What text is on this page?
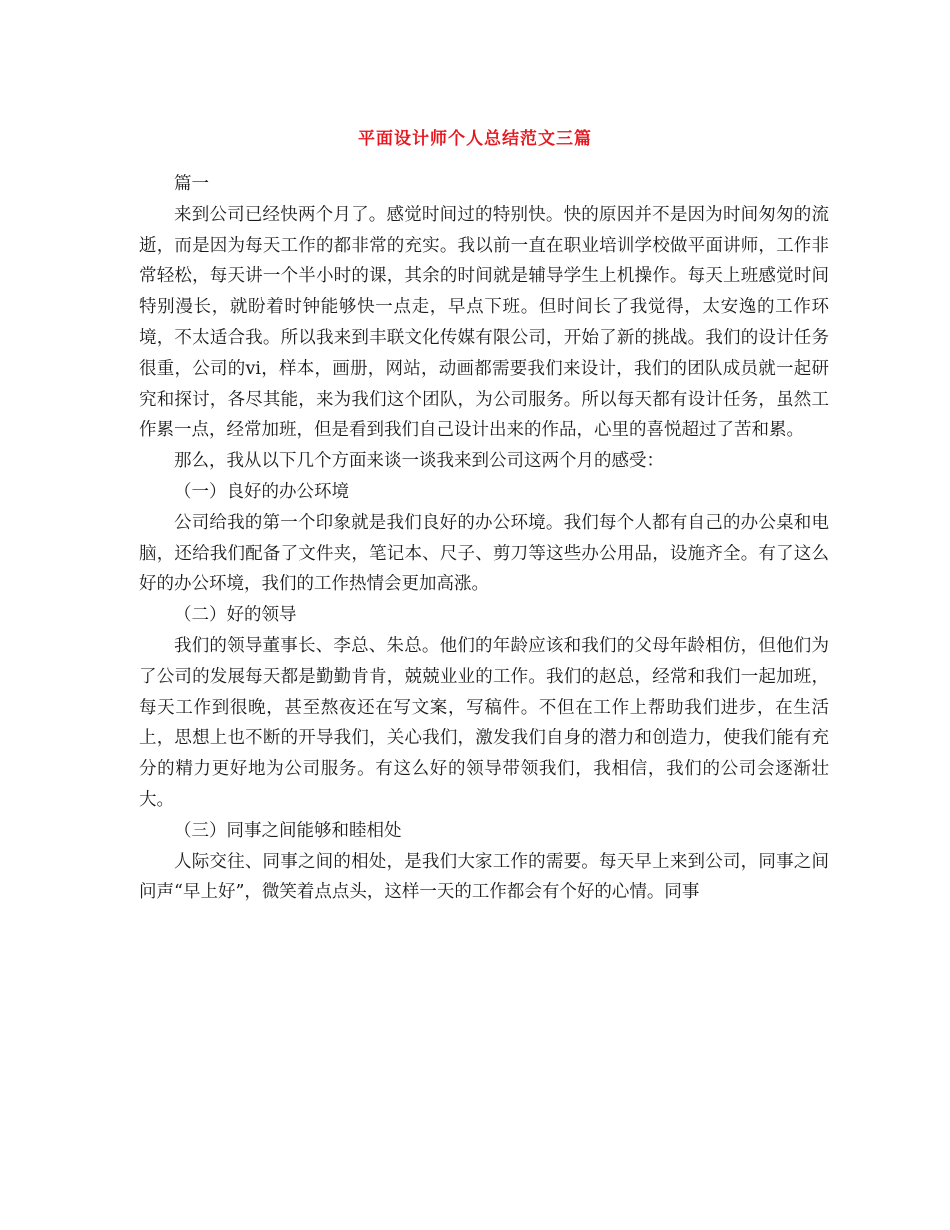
平面设计师个人总结范文三篇

篇一

来到公司已经快两个月了。感觉时间过的特别快。快的原因并不是因为时间匆匆的流逝，而是因为每天工作的都非常的充实。我以前一直在职业培训学校做平面讲师，工作非常轻松，每天讲一个半小时的课，其余的时间就是辅导学生上机操作。每天上班感觉时间特别漫长，就盼着时钟能够快一点走，早点下班。但时间长了我觉得，太安逸的工作环境，不太适合我。所以我来到丰联文化传媒有限公司，开始了新的挑战。我们的设计任务很重，公司的vi，样本，画册，网站，动画都需要我们来设计，我们的团队成员就一起研究和探讨，各尽其能，来为我们这个团队，为公司服务。所以每天都有设计任务，虽然工作累一点，经常加班，但是看到我们自己设计出来的作品，心里的喜悦超过了苦和累。

那么，我从以下几个方面来谈一谈我来到公司这两个月的感受：

（一）良好的办公环境

公司给我的第一个印象就是我们良好的办公环境。我们每个人都有自己的办公桌和电脑，还给我们配备了文件夹，笔记本、尺子、剪刀等这些办公用品，设施齐全。有了这么好的办公环境，我们的工作热情会更加高涨。

（二）好的领导

我们的领导董事长、李总、朱总。他们的年龄应该和我们的父母年龄相仿，但他们为了公司的发展每天都是勤勤肯肯，兢兢业业的工作。我们的赵总，经常和我们一起加班，每天工作到很晚，甚至熬夜还在写文案，写稿件。不但在工作上帮助我们进步，在生活上，思想上也不断的开导我们，关心我们，激发我们自身的潜力和创造力，使我们能有充分的精力更好地为公司服务。有这么好的领导带领我们，我相信，我们的公司会逐渐壮大。

（三）同事之间能够和睦相处

人际交往、同事之间的相处，是我们大家工作的需要。每天早上来到公司，同事之间问声“早上好”，微笑着点点头，这样一天的工作都会有个好的心情。同事
